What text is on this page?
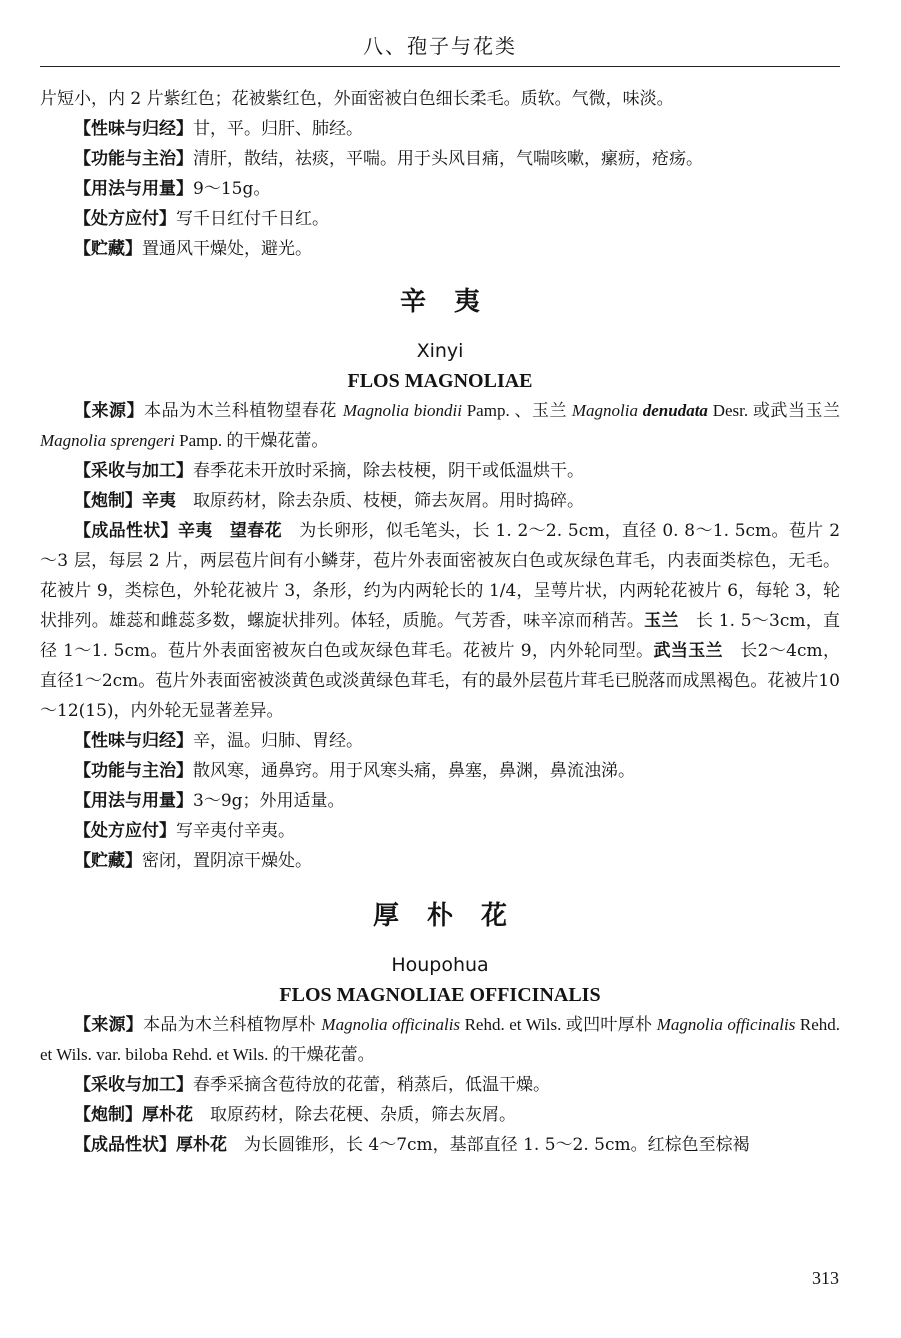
八、孢子与花类

片短小，内 2 片紫红色；花被紫红色，外面密被白色细长柔毛。质软。气微，味淡。

【性味与归经】甘，平。归肝、肺经。

【功能与主治】清肝，散结，祛痰，平喘。用于头风目痛，气喘咳嗽，瘰疬，疮疡。

【用法与用量】9～15g。

【处方应付】写千日红付千日红。

【贮藏】置通风干燥处，避光。

辛夷
Xinyi
FLOS MAGNOLIAE

【来源】本品为木兰科植物望春花 Magnolia biondii Pamp. 、玉兰 Magnolia denudata Desr. 或武当玉兰 Magnolia sprengeri Pamp. 的干燥花蕾。

【采收与加工】春季花未开放时采摘，除去枝梗，阴干或低温烘干。

【炮制】辛夷　取原药材，除去杂质、枝梗，筛去灰屑。用时捣碎。

【成品性状】辛夷　望春花　为长卵形，似毛笔头，长 1. 2～2. 5cm，直径 0. 8～1. 5cm。苞片 2～3 层，每层 2 片，两层苞片间有小鳞芽，苞片外表面密被灰白色或灰绿色茸毛，内表面类棕色，无毛。花被片 9，类棕色，外轮花被片 3，条形，约为内两轮长的 1/4，呈萼片状，内两轮花被片 6，每轮 3，轮状排列。雄蕊和雌蕊多数，螺旋状排列。体轻，质脆。气芳香，味辛凉而稍苦。玉兰　长 1. 5～3cm，直径 1～1. 5cm。苞片外表面密被灰白色或灰绿色茸毛。花被片 9，内外轮同型。武当玉兰　长2～4cm，直径1～2cm。苞片外表面密被淡黄色或淡黄绿色茸毛，有的最外层苞片茸毛已脱落而成黑褐色。花被片10～12(15)，内外轮无显著差异。

【性味与归经】辛，温。归肺、胃经。

【功能与主治】散风寒，通鼻窍。用于风寒头痛，鼻塞，鼻渊，鼻流浊涕。

【用法与用量】3～9g；外用适量。

【处方应付】写辛夷付辛夷。

【贮藏】密闭，置阴凉干燥处。

厚朴花
Houpohua
FLOS MAGNOLIAE OFFICINALIS

【来源】本品为木兰科植物厚朴 Magnolia officinalis Rehd. et Wils. 或凹叶厚朴 Magnolia officinalis Rehd. et Wils. var. biloba Rehd. et Wils. 的干燥花蕾。

【采收与加工】春季采摘含苞待放的花蕾，稍蒸后，低温干燥。

【炮制】厚朴花　取原药材，除去花梗、杂质，筛去灰屑。

【成品性状】厚朴花　为长圆锥形，长 4～7cm，基部直径 1. 5～2. 5cm。红棕色至棕褐

313
